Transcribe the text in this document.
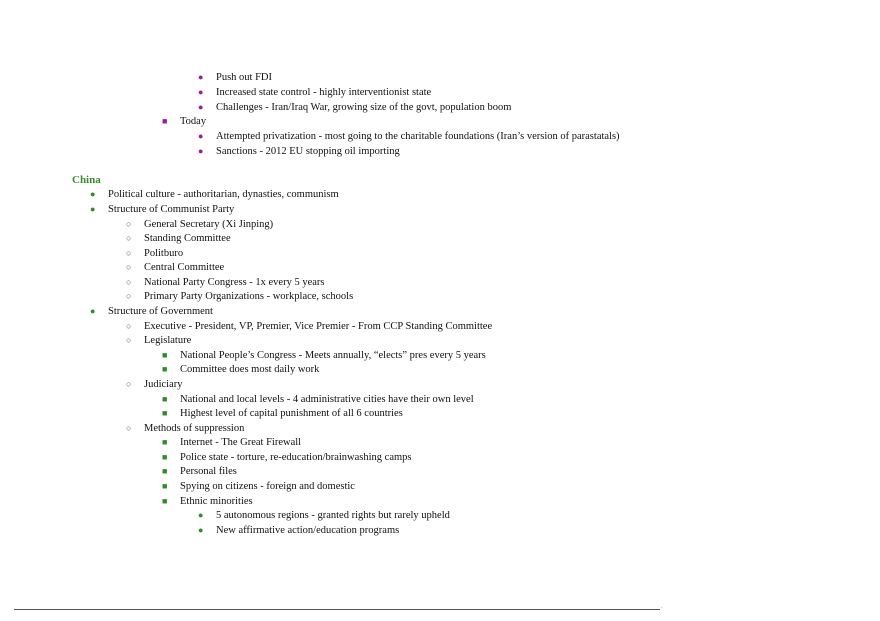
● Push out FDI
● Increased state control - highly interventionist state
● Challenges - Iran/Iraq War, growing size of the govt, population boom
■ Today
● Attempted privatization - most going to the charitable foundations (Iran’s version of parastatals)
● Sanctions - 2012 EU stopping oil importing
China
● Political culture - authoritarian, dynasties, communism
● Structure of Communist Party
○ General Secretary (Xi Jinping)
○ Standing Committee
○ Politburo
○ Central Committee
○ National Party Congress - 1x every 5 years
○ Primary Party Organizations - workplace, schools
● Structure of Government
○ Executive - President, VP, Premier, Vice Premier - From CCP Standing Committee
○ Legislature
■ National People’s Congress - Meets annually, “elects” pres every 5 years
■ Committee does most daily work
○ Judiciary
■ National and local levels - 4 administrative cities have their own level
■ Highest level of capital punishment of all 6 countries
○ Methods of suppression
■ Internet - The Great Firewall
■ Police state - torture, re-education/brainwashing camps
■ Personal files
■ Spying on citizens - foreign and domestic
■ Ethnic minorities
● 5 autonomous regions - granted rights but rarely upheld
● New affirmative action/education programs
.
